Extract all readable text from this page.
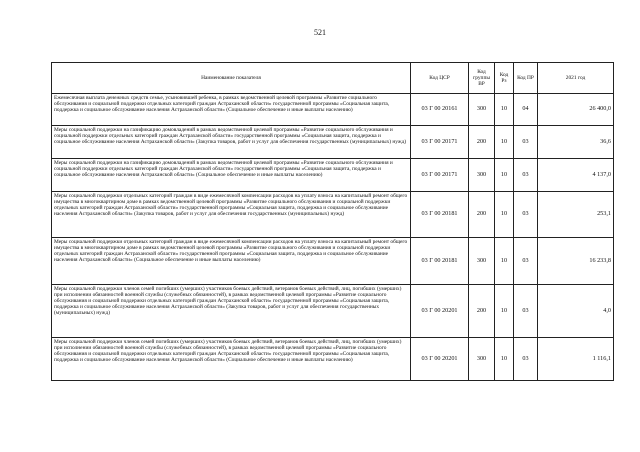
521
Наименование показателя	Код ЦСР	Код группы ВР	Код Рз	Код ПР	2021 год
Ежемесячная выплата денежных средств семье, усыновившей ребенка, в рамках ведомственной целевой программы «Развитие социального обслуживания и социальной поддержки отдельных категорий граждан Астраханской области» государственной программы «Социальная защита, поддержка и социальное обслуживание населения Астраханской области» (Социальное обеспечение и иные выплаты населению)	03 Г 00 20161	300	10	04	26 400,0
Меры социальной поддержки на газификацию домовладений в рамках ведомственной целевой программы «Развитие социального обслуживания и социальной поддержки отдельных категорий граждан Астраханской области» государственной программы «Социальная защита, поддержка и социальное обслуживание населения Астраханской области» (Закупка товаров, работ и услуг для обеспечения государственных (муниципальных) нужд)	03 Г 00 20171	200	10	03	36,6
Меры социальной поддержки на газификацию домовладений в рамках ведомственной целевой программы «Развитие социального обслуживания и социальной поддержки отдельных категорий граждан Астраханской области» государственной программы «Социальная защита, поддержка и социальное обслуживание населения Астраханской области» (Социальное обеспечение и иные выплаты населению)	03 Г 00 20171	300	10	03	4 137,0
Меры социальной поддержки отдельных категорий граждан в виде ежемесячной компенсации расходов на уплату взноса на капитальный ремонт общего имущества в многоквартирном доме в рамках ведомственной целевой программы «Развитие социального обслуживания и социальной поддержки отдельных категорий граждан Астраханской области» государственной программы «Социальная защита, поддержка и социальное обслуживание населения Астраханской области» (Закупка товаров, работ и услуг для обеспечения государственных (муниципальных) нужд)	03 Г 00 20181	200	10	03	253,1
Меры социальной поддержки отдельных категорий граждан в виде ежемесячной компенсации расходов на уплату взноса на капитальный ремонт общего имущества в многоквартирном доме в рамках ведомственной целевой программы «Развитие социального обслуживания и социальной поддержки отдельных категорий граждан Астраханской области» государственной программы «Социальная защита, поддержка и социальное обслуживание населения Астраханской области» (Социальное обеспечение и иные выплаты населению)	03 Г 00 20181	300	10	03	16 233,8
Меры социальной поддержки членов семей погибших (умерших) участников боевых действий, ветеранов боевых действий, лиц, погибших (умерших) при исполнении обязанностей военной службы (служебных обязанностей), в рамках ведомственной целевой программы «Развитие социального обслуживания и социальной поддержки отдельных категорий граждан Астраханской области» государственной программы «Социальная защита, поддержка и социальное обслуживание населения Астраханской области» (Закупка товаров, работ и услуг для обеспечения государственных (муниципальных) нужд)	03 Г 00 20201	200	10	03	4,0
Меры социальной поддержки членов семей погибших (умерших) участников боевых действий, ветеранов боевых действий, лиц, погибших (умерших) при исполнении обязанностей военной службы (служебных обязанностей), в рамках ведомственной целевой программы «Развитие социального обслуживания и социальной поддержки отдельных категорий граждан Астраханской области» государственной программы «Социальная защита, поддержка и социальное обслуживание населения Астраханской области» (Социальное обеспечение и иные выплаты населению)	03 Г 00 20201	300	10	03	1 116,1
